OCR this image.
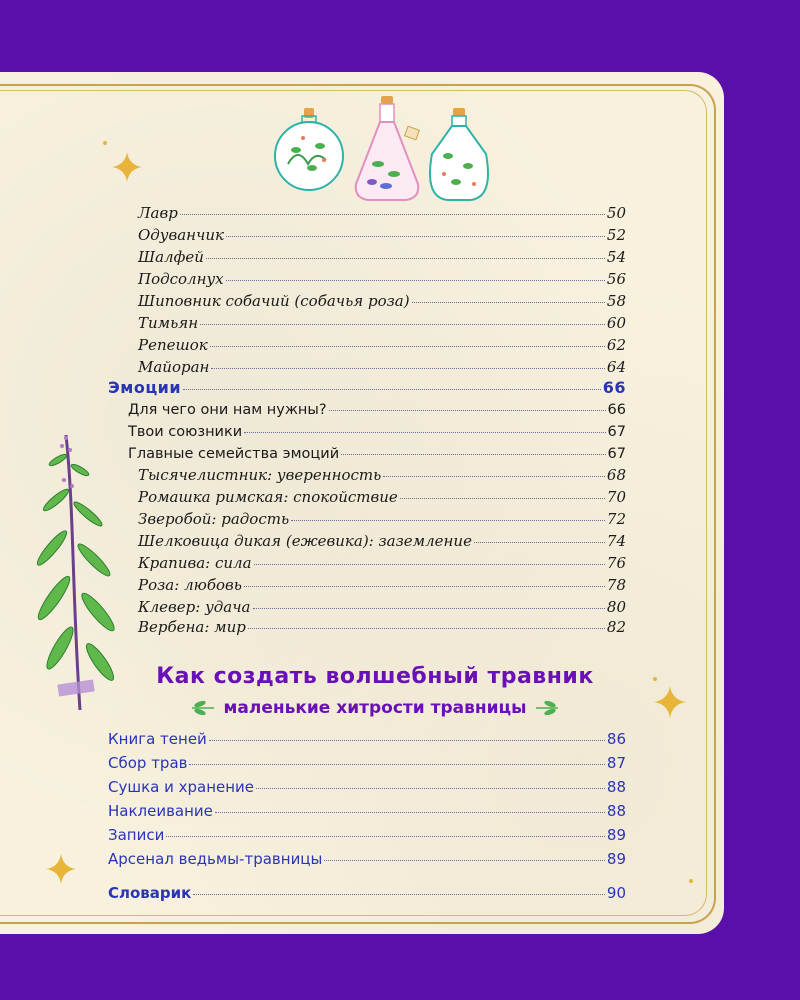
Лавр	50
Одуванчик	52
Шалфей	54
Подсолнух	56
Шиповник собачий (собачья роза)	58
Тимьян	60
Репешок	62
Майоран	64
Эмоции	66
Для чего они нам нужны?	66
Твои союзники	67
Главные семейства эмоций	67
Тысячелистник: уверенность	68
Ромашка римская: спокойствие	70
Зверобой: радость	72
Шелковица дикая (ежевика): заземление	74
Крапива: сила	76
Роза: любовь	78
Клевер: удача	80
Вербена: мир	82
Как создать волшебный травник
маленькие хитрости травницы
Книга теней	86
Сбор трав	87
Сушка и хранение	88
Наклеивание	88
Записи	89
Арсенал ведьмы-травницы	89
Словарик	90
